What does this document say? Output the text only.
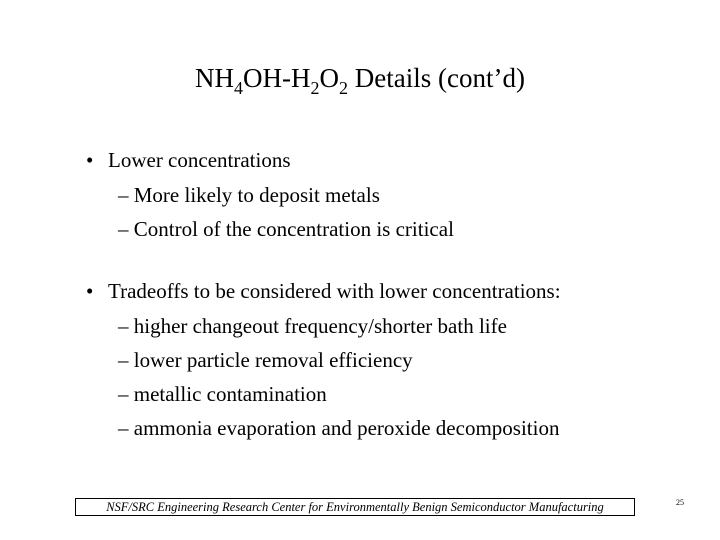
$NH_4OH-H_2O_2$ Details (cont’d)
• Lower concentrations
– More likely to deposit metals
– Control of the concentration is critical
• Tradeoffs to be considered with lower concentrations:
– higher changeout frequency/shorter bath life
– lower particle removal efficiency
– metallic contamination
– ammonia evaporation and peroxide decomposition
NSF/SRC Engineering Research Center for Environmentally Benign Semiconductor Manufacturing	25
